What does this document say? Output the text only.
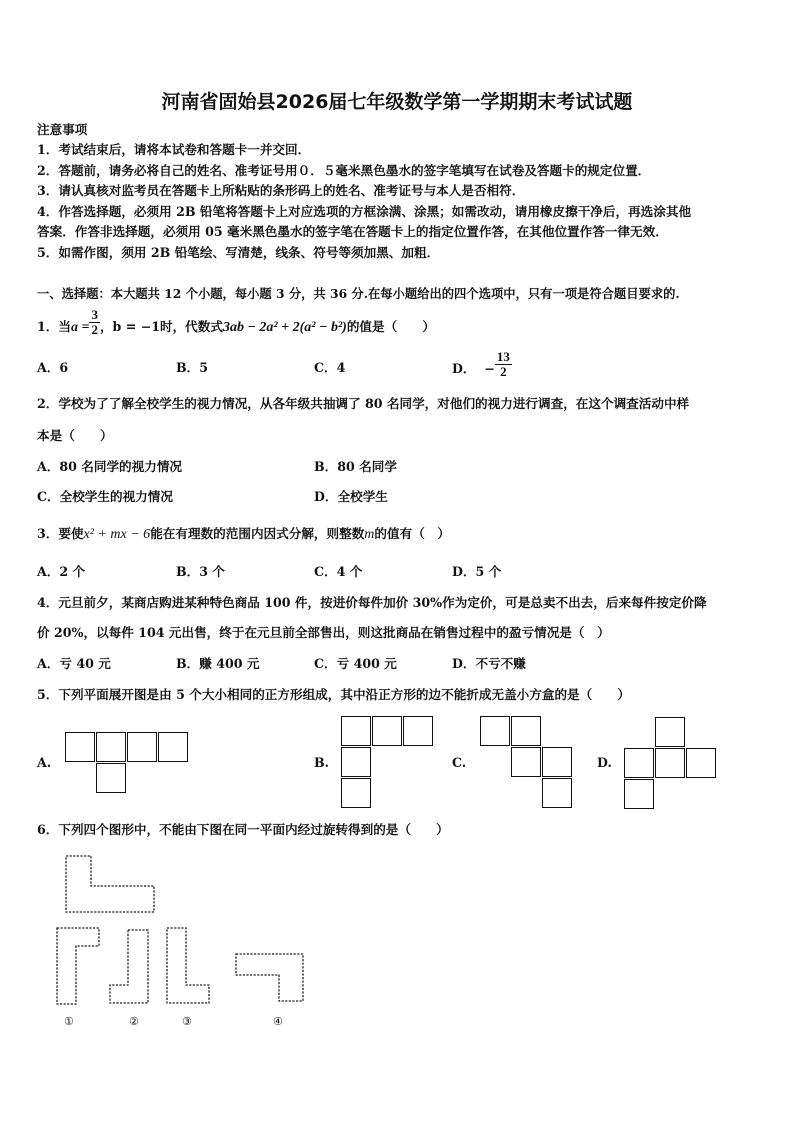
河南省固始县2026届七年级数学第一学期期末考试试题
注意事项
1．考试结束后，请将本试卷和答题卡一并交回．
2．答题前，请务必将自己的姓名、准考证号用０．５毫米黑色墨水的签字笔填写在试卷及答题卡的规定位置．
3．请认真核对监考员在答题卡上所粘贴的条形码上的姓名、准考证号与本人是否相符．
4．作答选择题，必须用 2B 铅笔将答题卡上对应选项的方框涂满、涂黑；如需改动，请用橡皮擦干净后，再选涂其他
答案．作答非选择题，必须用 05 毫米黑色墨水的签字笔在答题卡上的指定位置作答，在其他位置作答一律无效．
5．如需作图，须用 2B 铅笔绘、写清楚，线条、符号等须加黑、加粗．
一、选择题：本大题共 12 个小题，每小题 3 分，共 36 分.在每小题给出的四个选项中，只有一项是符合题目要求的.
1．当$a = \frac{3}{2}$ ，b = −1时，代数式3ab − 2a² + 2(a² − b²)的值是（　　）
A．6	B．5	C．4	D． − $\frac{13}{2}$
2．学校为了了解全校学生的视力情况，从各年级共抽调了 80 名同学，对他们的视力进行调查，在这个调查活动中样
本是（　　）
A．80 名同学的视力情况	B．80 名同学
C．全校学生的视力情况	D．全校学生
3．要使x² + mx − 6能在有理数的范围内因式分解，则整数m的值有（　）
A．2 个	B．3 个	C．4 个	D．5 个
4．元旦前夕，某商店购进某种特色商品 100 件，按进价每件加价 30%作为定价，可是总卖不出去，后来每件按定价降
价 20%，以每件 104 元出售，终于在元旦前全部售出，则这批商品在销售过程中的盈亏情况是（　）
A．亏 40 元	B．赚 400 元	C．亏 400 元	D．不亏不赚
5．下列平面展开图是由 5 个大小相同的正方形组成，其中沿正方形的边不能折成无盖小方盒的是（　　）
A.	B.	C.	D.
6．下列四个图形中，不能由下图在同一平面内经过旋转得到的是（　　）
①	②	③	④
